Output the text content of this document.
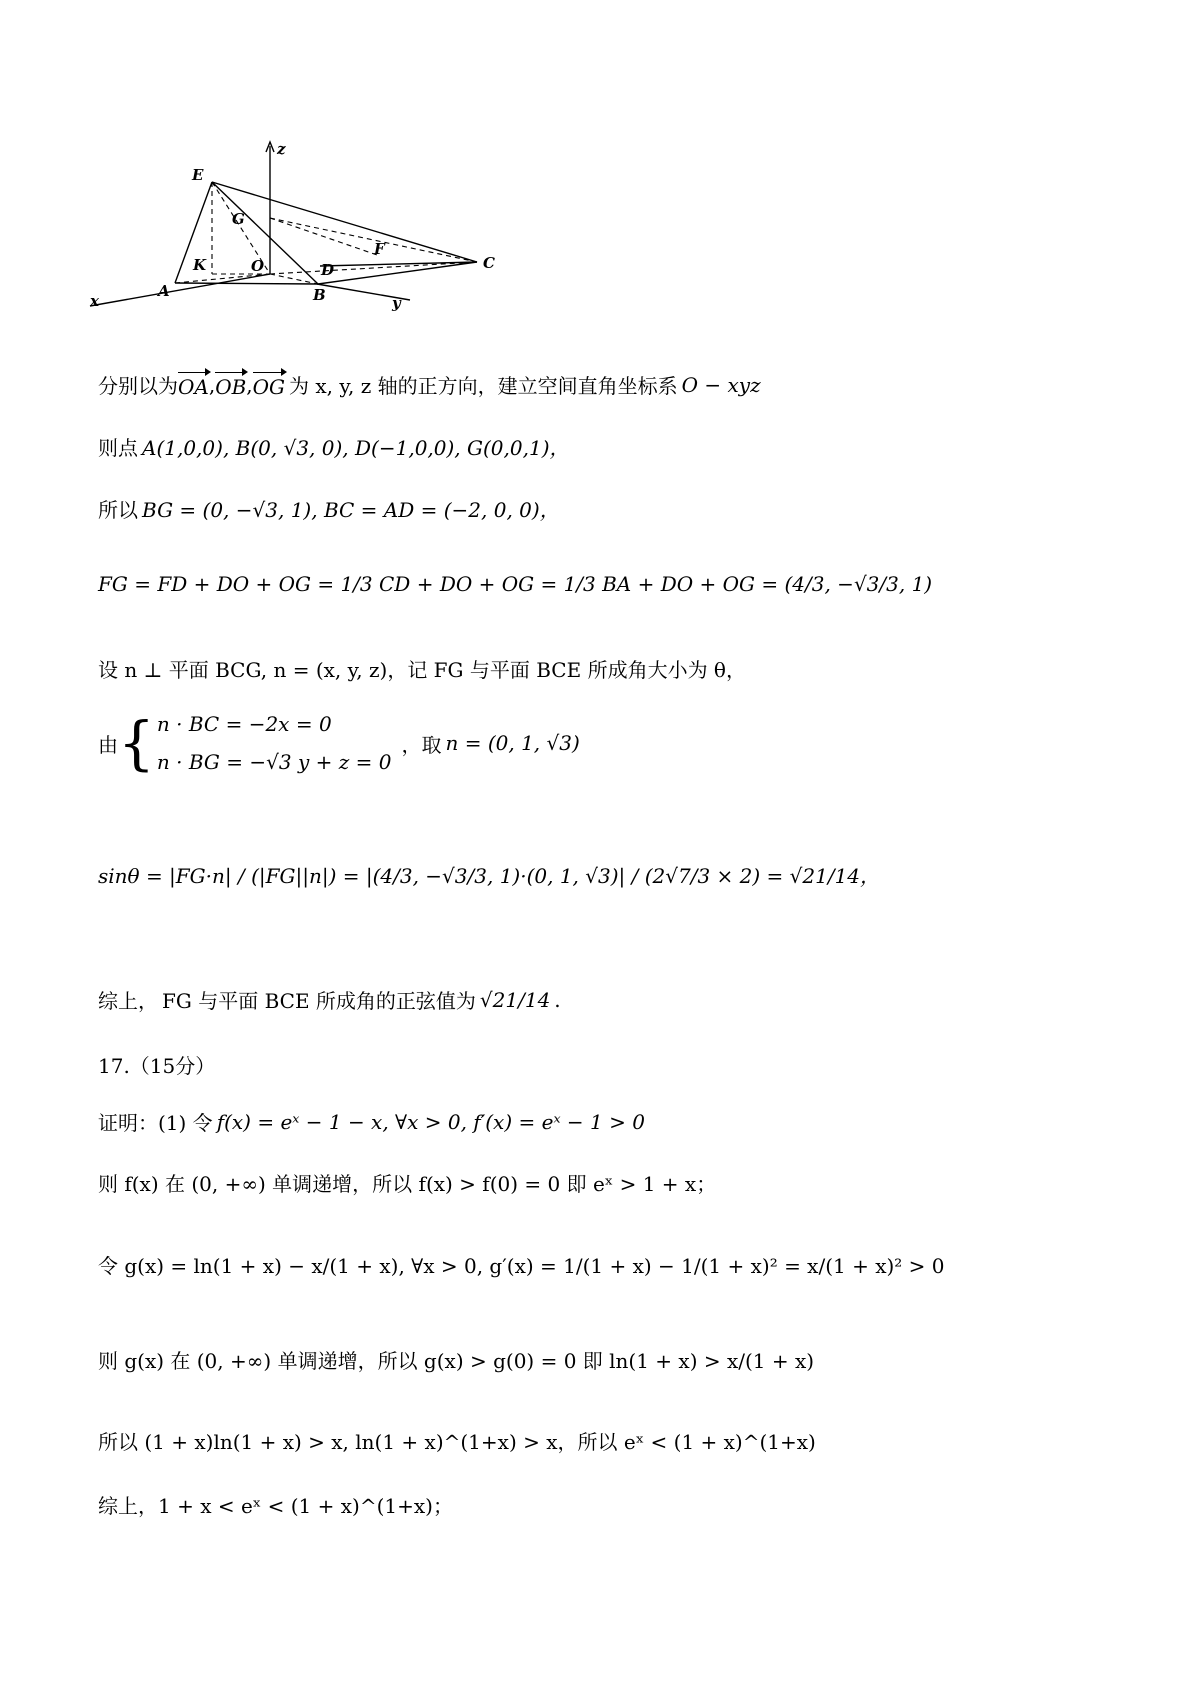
z
E
G
F
C
K	O	D
A	B
x	y
分别以为 OA , OB , OG 为 x, y, z 轴的正方向，建立空间直角坐标系 O − xyz
则点 A(1,0,0), B(0, √3, 0), D(−1,0,0), G(0,0,1)，
所以 BG = (0, −√3, 1), BC = AD = (−2, 0, 0)，
FG = FD + DO + OG = 1/3 CD + DO + OG = 1/3 BA + DO + OG = (4/3, −√3/3, 1)
设 n ⊥ 平面 BCG, n = (x, y, z)，记 FG 与平面 BCE 所成角大小为 θ，
由 { n · BC = −2x = 0
n · BG = −√3 y + z = 0
，取 n = (0, 1, √3)
sinθ = |FG·n| / (|FG||n|) = |(4/3, −√3/3, 1)·(0, 1, √3)| / (2√7/3 × 2) = √21/14，
综上， FG 与平面 BCE 所成角的正弦值为 √21/14 .
17.（15分）
证明：(1) 令 f(x) = eˣ − 1 − x, ∀x > 0, f′(x) = eˣ − 1 > 0
则 f(x) 在 (0, +∞) 单调递增，所以 f(x) > f(0) = 0 即 eˣ > 1 + x；
令 g(x) = ln(1 + x) − x/(1 + x), ∀x > 0, g′(x) = 1/(1 + x) − 1/(1 + x)² = x/(1 + x)² > 0
则 g(x) 在 (0, +∞) 单调递增，所以 g(x) > g(0) = 0 即 ln(1 + x) > x/(1 + x)
所以 (1 + x)ln(1 + x) > x, ln(1 + x)^(1+x) > x，所以 eˣ < (1 + x)^(1+x)
综上，1 + x < eˣ < (1 + x)^(1+x)；
